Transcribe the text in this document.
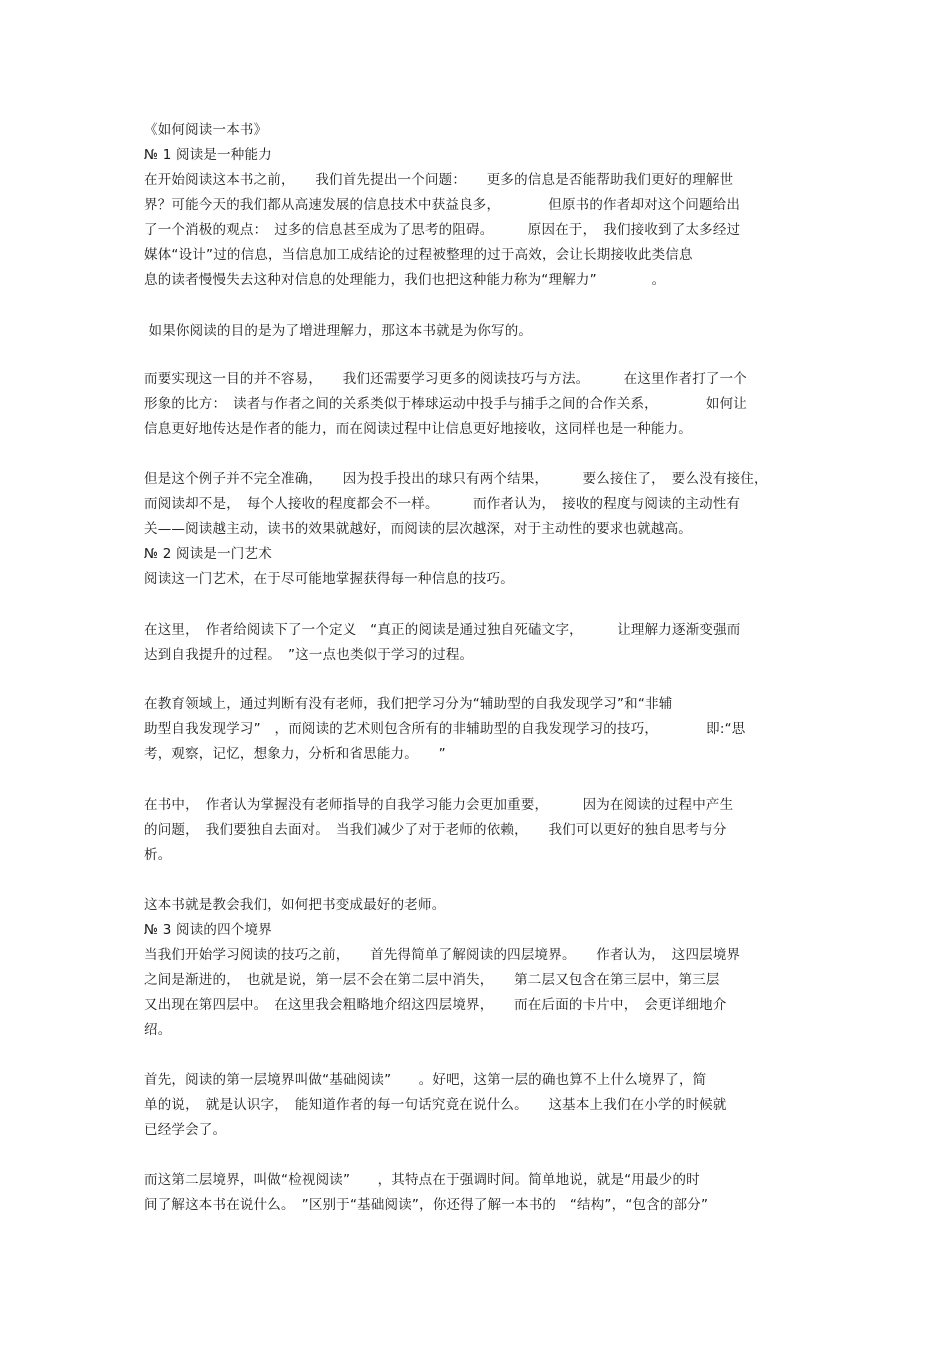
《如何阅读一本书》
№ 1 阅读是一种能力
在开始阅读这本书之前，　　我们首先提出一个问题：　　更多的信息是否能帮助我们更好的理解世
界？可能今天的我们都从高速发展的信息技术中获益良多，　　　　但原书的作者却对这个问题给出
了一个消极的观点：　过多的信息甚至成为了思考的阻碍。　　　原因在于，　我们接收到了太多经过
媒体“设计”过的信息，当信息加工成结论的过程被整理的过于高效，会让长期接收此类信息
息的读者慢慢失去这种对信息的处理能力，我们也把这种能力称为“理解力”　　　　。
如果你阅读的目的是为了增进理解力，那这本书就是为你写的。
而要实现这一目的并不容易，　　我们还需要学习更多的阅读技巧与方法。　　　在这里作者打了一个
形象的比方：　读者与作者之间的关系类似于棒球运动中投手与捕手之间的合作关系，　　　　如何让
信息更好地传达是作者的能力，而在阅读过程中让信息更好地接收，这同样也是一种能力。
但是这个例子并不完全准确，　　因为投手投出的球只有两个结果，　　　要么接住了，　要么没有接住，
而阅读却不是，　每个人接收的程度都会不一样。　　　而作者认为，　接收的程度与阅读的主动性有
关——阅读越主动，读书的效果就越好，而阅读的层次越深，对于主动性的要求也就越高。
№ 2 阅读是一门艺术
阅读这一门艺术，在于尽可能地掌握获得每一种信息的技巧。
在这里，　作者给阅读下了一个定义　“真正的阅读是通过独自死磕文字，　　　让理解力逐渐变强而
达到自我提升的过程。　”这一点也类似于学习的过程。
在教育领域上，通过判断有没有老师，我们把学习分为“辅助型的自我发现学习”和“非辅
助型自我发现学习”　，而阅读的艺术则包含所有的非辅助型的自我发现学习的技巧，　　　　即:“思
考，观察，记忆，想象力，分析和省思能力。　　”
在书中，　作者认为掌握没有老师指导的自我学习能力会更加重要，　　　因为在阅读的过程中产生
的问题，　我们要独自去面对。　当我们减少了对于老师的依赖，　　我们可以更好的独自思考与分
析。
这本书就是教会我们，如何把书变成最好的老师。
№ 3 阅读的四个境界
当我们开始学习阅读的技巧之前，　　首先得简单了解阅读的四层境界。　　作者认为，　这四层境界
之间是渐进的，　也就是说，第一层不会在第二层中消失，　　第二层又包含在第三层中，第三层
又出现在第四层中。　在这里我会粗略地介绍这四层境界，　　而在后面的卡片中，　会更详细地介
绍。
首先，阅读的第一层境界叫做“基础阅读”　　。好吧，这第一层的确也算不上什么境界了，简
单的说，　就是认识字，　能知道作者的每一句话究竟在说什么。　　这基本上我们在小学的时候就
已经学会了。
而这第二层境界，叫做“检视阅读”　　，其特点在于强调时间。简单地说，就是“用最少的时
间了解这本书在说什么。　”区别于“基础阅读”，你还得了解一本书的　“结构”，“包含的部分”
